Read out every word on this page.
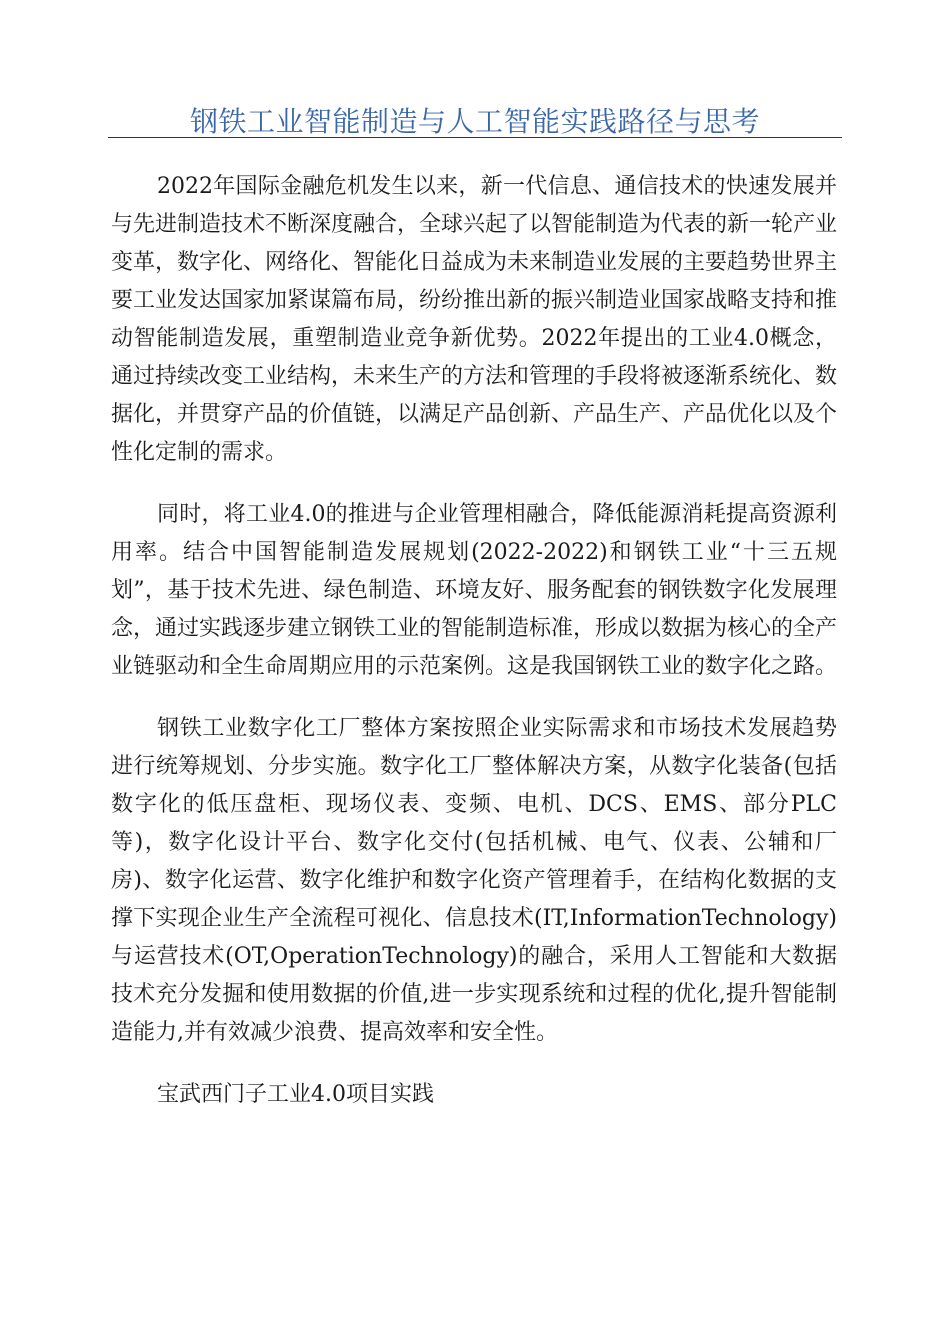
钢铁工业智能制造与人工智能实践路径与思考

2022年国际金融危机发生以来，新一代信息、通信技术的快速发展并与先进制造技术不断深度融合，全球兴起了以智能制造为代表的新一轮产业变革，数字化、网络化、智能化日益成为未来制造业发展的主要趋势世界主要工业发达国家加紧谋篇布局，纷纷推出新的振兴制造业国家战略支持和推动智能制造发展，重塑制造业竞争新优势。2022年提出的工业4.0概念，通过持续改变工业结构，未来生产的方法和管理的手段将被逐渐系统化、数据化，并贯穿产品的价值链，以满足产品创新、产品生产、产品优化以及个性化定制的需求。

同时，将工业4.0的推进与企业管理相融合，降低能源消耗提高资源利用率。结合中国智能制造发展规划(2022-2022)和钢铁工业“十三五规划”，基于技术先进、绿色制造、环境友好、服务配套的钢铁数字化发展理念，通过实践逐步建立钢铁工业的智能制造标准，形成以数据为核心的全产业链驱动和全生命周期应用的示范案例。这是我国钢铁工业的数字化之路。

钢铁工业数字化工厂整体方案按照企业实际需求和市场技术发展趋势进行统筹规划、分步实施。数字化工厂整体解决方案，从数字化装备(包括数字化的低压盘柜、现场仪表、变频、电机、DCS、EMS、部分PLC等)，数字化设计平台、数字化交付(包括机械、电气、仪表、公辅和厂房)、数字化运营、数字化维护和数字化资产管理着手，在结构化数据的支撑下实现企业生产全流程可视化、信息技术(IT,InformationTechnology)与运营技术(OT,OperationTechnology)的融合，采用人工智能和大数据技术充分发掘和使用数据的价值,进一步实现系统和过程的优化,提升智能制造能力,并有效减少浪费、提高效率和安全性。

宝武西门子工业4.0项目实践
